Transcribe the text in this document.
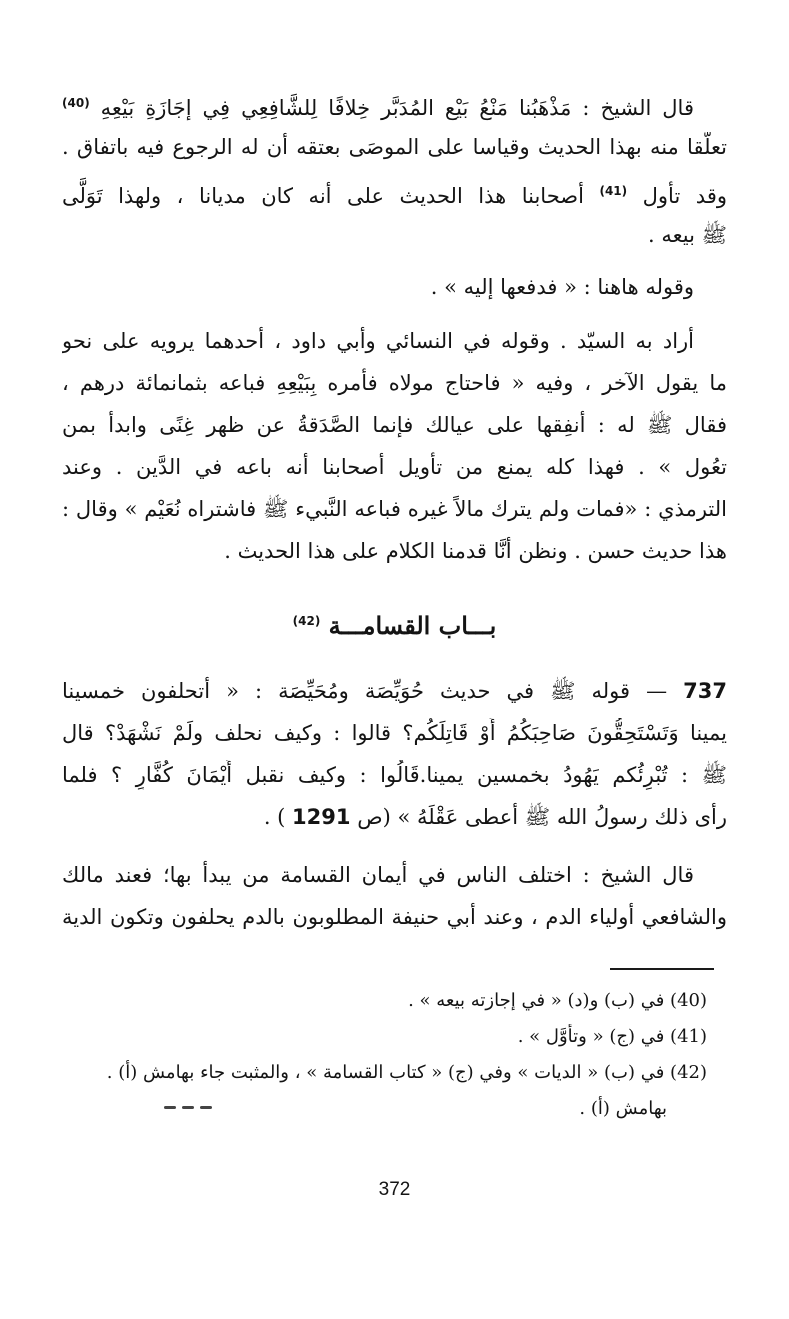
قال الشيخ : مَذْهَبُنا مَنْعُ بَيْع المُدَبَّر خِلافًا لِلشَّافِعِي فِي إجَازَةِ بَيْعِهِ $^{(40)}$
تعلُّقا منه بهذا الحديث وقياسا على الموصَى بعتقه أن له الرجوع فيه باتفاق .
وقد تأول $^{(41)}$ أصحابنا هذا الحديث على أنه كان مديانا ، ولهذا تَوَلَّى
ﷺ بيعه .
وقوله هاهنا : « فدفعها إليه » .
أراد به السيّد . وقوله في النسائي وأبي داود ، أحدهما يرويه على نحو
ما يقول الآخر ، وفيه « فاحتاج مولاه فأمره بِبَيْعِهِ فباعه بثمانمائة درهم ،
فقال ﷺ له : أنفِقها على عيالك فإنما الصَّدَقةُ عن ظهر غِنًى وابدأ بمن
تعُول » . فهذا كله يمنع من تأويل أصحابنا أنه باعه في الدَّين . وعند
الترمذي : «فمات ولم يترك مالاً غيره فباعه النَّبيء ﷺ فاشتراه نُعَيْم » وقال :
هذا حديث حسن . ونظن أنَّا قدمنا الكلام على هذا الحديث .
بـــاب القسامـــة $^{(42)}$
737 — قوله ﷺ في حديث حُوَيِّصَة ومُحَيِّصَة : « أتحلفون خمسينا
يمينا وَتَسْتَحِقُّونَ صَاحِبَكُمُ أَوْ قَاتِلَكُم؟ قالوا : وكيف نحلف ولَمْ نَشْهَدْ؟ قال
ﷺ : تُبْرِئُكم يَهُودُ بخمسين يمينا.قَالُوا : وكيف نقبل أَيْمَانَ كُفَّارٍ ؟ فلما
رأى ذلك رسولُ الله ﷺ أعطى عَقْلَهُ » (ص 1291 ) .
قال الشيخ : اختلف الناس في أيمان القسامة من يبدأ بها؛ فعند مالك
والشافعي أولياء الدم ، وعند أبي حنيفة المطلوبون بالدم يحلفون وتكون الدية
(40) في (ب) و(د) « في إجازته بيعه » .
(41) في (ج) « وتأوَّل » .
(42) في (ب) « الديات » وفي (ج) « كتاب القسامة » ، والمثبت جاء بهامش (أ) .
بهامش (أ) .
372
